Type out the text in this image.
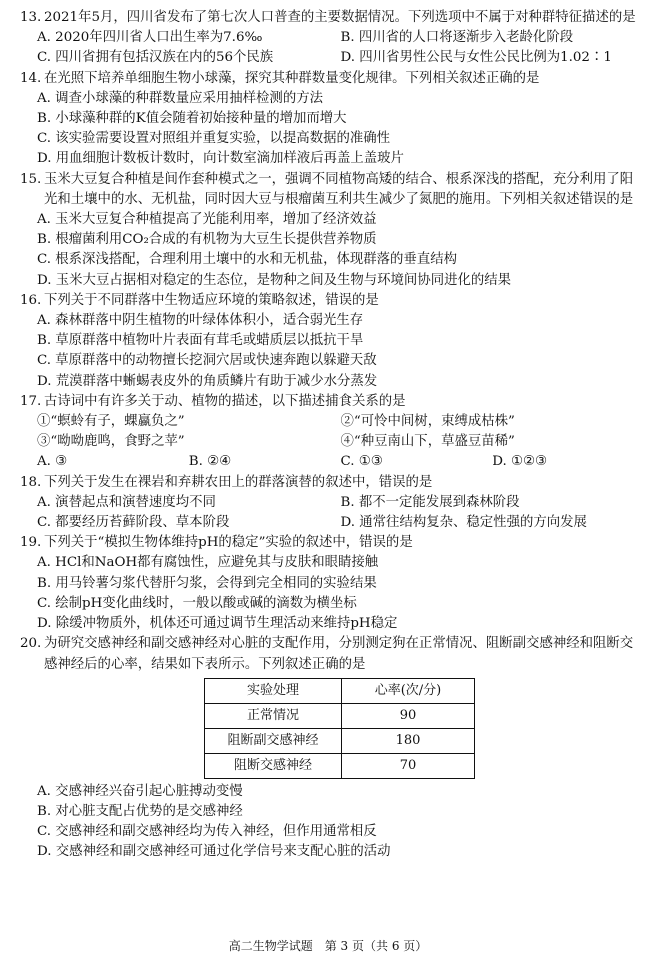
13. 2021年5月，四川省发布了第七次人口普查的主要数据情况。下列选项中不属于对种群特征描述的是
A. 2020年四川省人口出生率为7.6‰	B. 四川省的人口将逐渐步入老龄化阶段
C. 四川省拥有包括汉族在内的56个民族	D. 四川省男性公民与女性公民比例为1.02∶1
14. 在光照下培养单细胞生物小球藻，探究其种群数量变化规律。下列相关叙述正确的是
A. 调查小球藻的种群数量应采用抽样检测的方法
B. 小球藻种群的K值会随着初始接种量的增加而增大
C. 该实验需要设置对照组并重复实验，以提高数据的准确性
D. 用血细胞计数板计数时，向计数室滴加样液后再盖上盖玻片
15. 玉米大豆复合种植是间作套种模式之一，强调不同植物高矮的结合、根系深浅的搭配，充分利用了阳光和土壤中的水、无机盐，同时因大豆与根瘤菌互利共生减少了氮肥的施用。下列相关叙述错误的是
A. 玉米大豆复合种植提高了光能利用率，增加了经济效益
B. 根瘤菌利用CO₂合成的有机物为大豆生长提供营养物质
C. 根系深浅搭配，合理利用土壤中的水和无机盐，体现群落的垂直结构
D. 玉米大豆占据相对稳定的生态位，是物种之间及生物与环境间协同进化的结果
16. 下列关于不同群落中生物适应环境的策略叙述，错误的是
A. 森林群落中阴生植物的叶绿体体积小，适合弱光生存
B. 草原群落中植物叶片表面有茸毛或蜡质层以抵抗干旱
C. 草原群落中的动物擅长挖洞穴居或快速奔跑以躲避天敌
D. 荒漠群落中蜥蜴表皮外的角质鳞片有助于减少水分蒸发
17. 古诗词中有许多关于动、植物的描述，以下描述捕食关系的是
①“螟蛉有子，蜾蠃负之”	②“可怜中间树，束缚成枯株”
③“呦呦鹿鸣，食野之苹”	④“种豆南山下，草盛豆苗稀”
A. ③	B. ②④	C. ①③	D. ①②③
18. 下列关于发生在裸岩和弃耕农田上的群落演替的叙述中，错误的是
A. 演替起点和演替速度均不同	B. 都不一定能发展到森林阶段
C. 都要经历苔藓阶段、草本阶段	D. 通常往结构复杂、稳定性强的方向发展
19. 下列关于“模拟生物体维持pH的稳定”实验的叙述中，错误的是
A. HCl和NaOH都有腐蚀性，应避免其与皮肤和眼睛接触
B. 用马铃薯匀浆代替肝匀浆，会得到完全相同的实验结果
C. 绘制pH变化曲线时，一般以酸或碱的滴数为横坐标
D. 除缓冲物质外，机体还可通过调节生理活动来维持pH稳定
20. 为研究交感神经和副交感神经对心脏的支配作用，分别测定狗在正常情况、阻断副交感神经和阻断交感神经后的心率，结果如下表所示。下列叙述正确的是
实验处理	心率(次/分)
正常情况	90
阻断副交感神经	180
阻断交感神经	70
A. 交感神经兴奋引起心脏搏动变慢
B. 对心脏支配占优势的是交感神经
C. 交感神经和副交感神经均为传入神经，但作用通常相反
D. 交感神经和副交感神经可通过化学信号来支配心脏的活动
高二生物学试题　第 3 页（共 6 页）
